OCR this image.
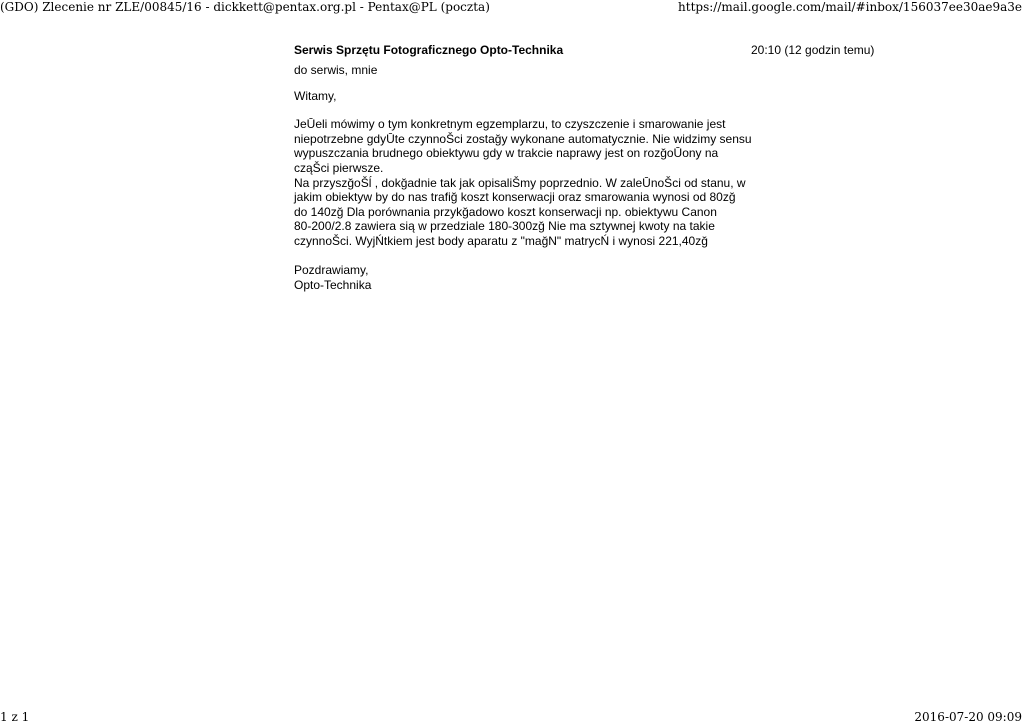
(GDO) Zlecenie nr ZLE/00845/16 - dickkett@pentax.org.pl - Pentax@PL (poczta)	https://mail.google.com/mail/#inbox/156037ee30ae9a3e
Serwis Sprzętu Fotograficznego Opto-Technika	20:10 (12 godzin temu)
do serwis, mnie
Witamy,
JeŪeli mówimy o tym konkretnym egzemplarzu, to czyszczenie i smarowanie jest
niepotrzebne gdyŪte czynnoŠci zostağy wykonane automatycznie. Nie widzimy sensu
wypuszczania brudnego obiektywu gdy w trakcie naprawy jest on rozğoŪony na
cząŠci pierwsze.
Na przyszğoŠĺ , dokğadnie tak jak opisaliŠmy poprzednio. W zaleŪnoŠci od stanu, w
jakim obiektyw by do nas trafiğ koszt konserwacji oraz smarowania wynosi od 80zğ
do 140zğ Dla porównania przykğadowo koszt konserwacji np. obiektywu Canon
80-200/2.8 zawiera sią w przedziale 180-300zğ Nie ma sztywnej kwoty na takie
czynnoŠci. WyjŃtkiem jest body aparatu z "mağN" matrycŃ i wynosi 221,40zğ
Pozdrawiamy,
Opto-Technika
1 z 1	2016-07-20 09:09
